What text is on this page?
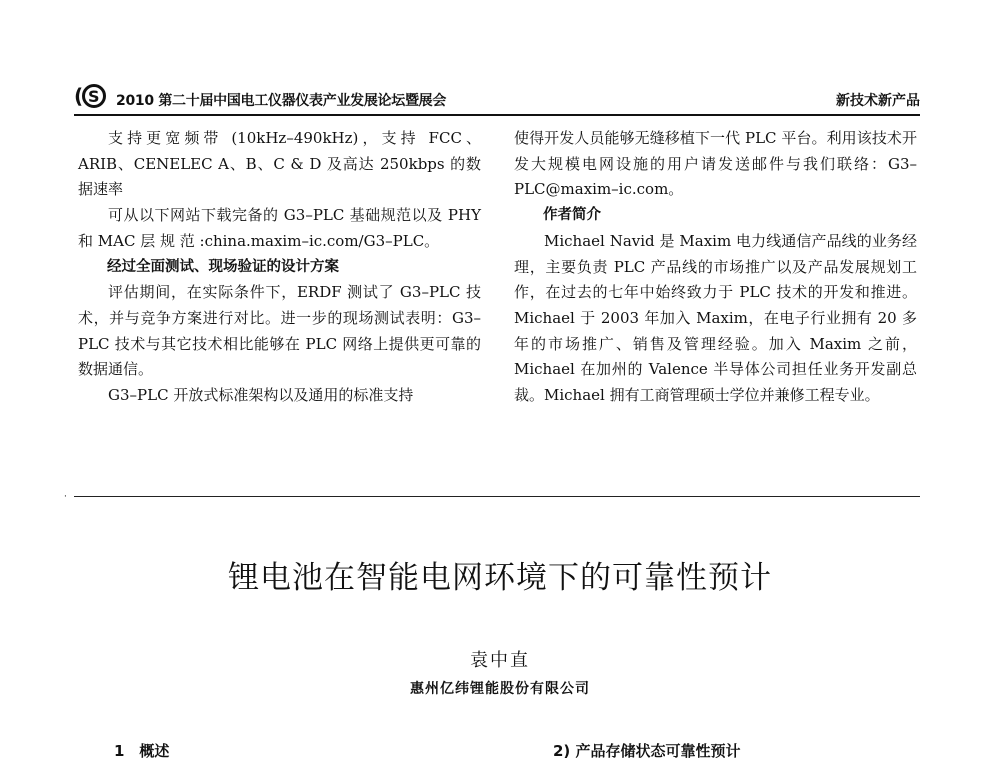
( S 2010 第二十届中国电工仪器仪表产业发展论坛暨展会	新技术新产品

支持更宽频带 (10kHz–490kHz)，支持 FCC、ARIB、CENELEC A、B、C & D 及高达 250kbps 的数据速率

可从以下网站下载完备的 G3–PLC 基础规范以及 PHY 和 MAC 层 规 范 :china.maxim–ic.com/G3–PLC。

经过全面测试、现场验证的设计方案

评估期间，在实际条件下，ERDF 测试了 G3–PLC 技术，并与竞争方案进行对比。进一步的现场测试表明：G3–PLC 技术与其它技术相比能够在 PLC 网络上提供更可靠的数据通信。

G3–PLC 开放式标准架构以及通用的标准支持

使得开发人员能够无缝移植下一代 PLC 平台。利用该技术开发大规模电网设施的用户请发送邮件与我们联络：G3–PLC@maxim–ic.com。

作者简介

Michael Navid 是 Maxim 电力线通信产品线的业务经理，主要负责 PLC 产品线的市场推广以及产品发展规划工作，在过去的七年中始终致力于 PLC 技术的开发和推进。Michael 于 2003 年加入 Maxim，在电子行业拥有 20 多年的市场推广、销售及管理经验。加入 Maxim 之前，Michael 在加州的 Valence 半导体公司担任业务开发副总裁。Michael 拥有工商管理硕士学位并兼修工程专业。

·
锂电池在智能电网环境下的可靠性预计
袁中直
惠州亿纬锂能股份有限公司
1　概述	2) 产品存储状态可靠性预计
